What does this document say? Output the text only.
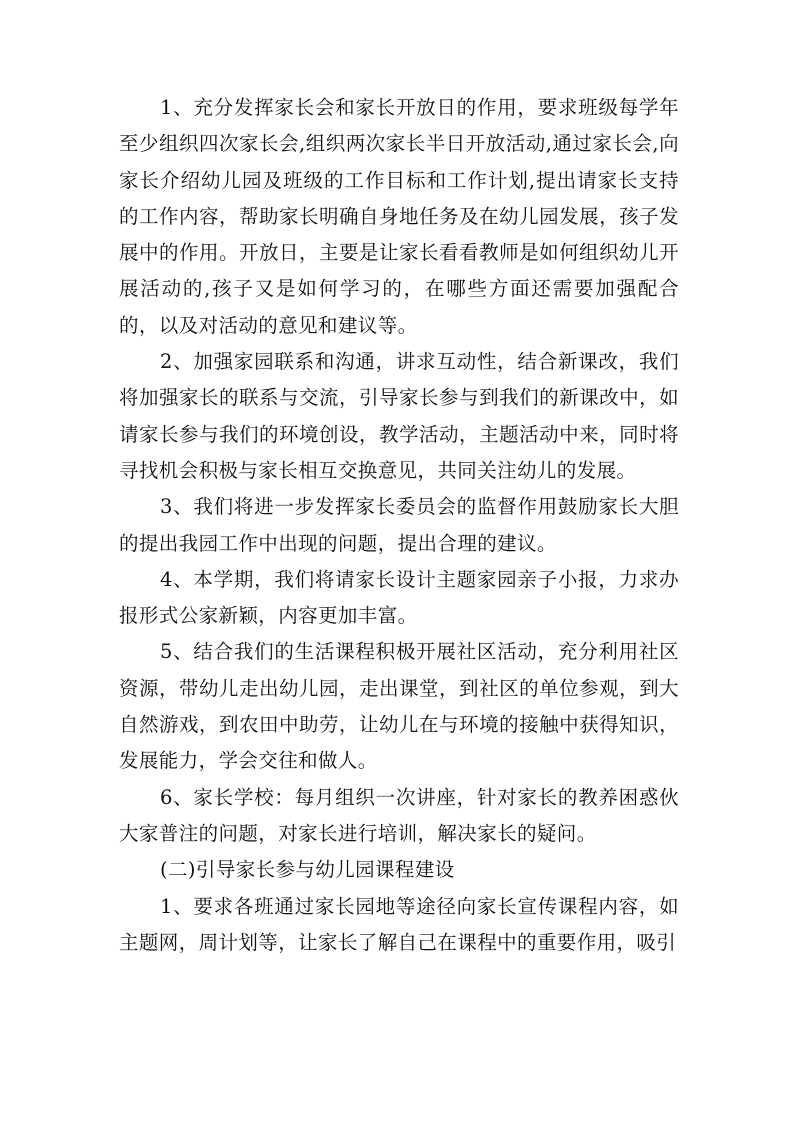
1、充分发挥家长会和家长开放日的作用，要求班级每学年至少组织四次家长会,组织两次家长半日开放活动,通过家长会,向家长介绍幼儿园及班级的工作目标和工作计划,提出请家长支持的工作内容，帮助家长明确自身地任务及在幼儿园发展，孩子发展中的作用。开放日，主要是让家长看看教师是如何组织幼儿开展活动的,孩子又是如何学习的，在哪些方面还需要加强配合的，以及对活动的意见和建议等。

2、加强家园联系和沟通，讲求互动性，结合新课改，我们将加强家长的联系与交流，引导家长参与到我们的新课改中，如请家长参与我们的环境创设，教学活动，主题活动中来，同时将寻找机会积极与家长相互交换意见，共同关注幼儿的发展。

3、我们将进一步发挥家长委员会的监督作用鼓励家长大胆的提出我园工作中出现的问题，提出合理的建议。

4、本学期，我们将请家长设计主题家园亲子小报，力求办报形式公家新颖，内容更加丰富。

5、结合我们的生活课程积极开展社区活动，充分利用社区资源，带幼儿走出幼儿园，走出课堂，到社区的单位参观，到大自然游戏，到农田中助劳，让幼儿在与环境的接触中获得知识，发展能力，学会交往和做人。

6、家长学校：每月组织一次讲座，针对家长的教养困惑伙大家普注的问题，对家长进行培训，解决家长的疑问。

(二)引导家长参与幼儿园课程建设

1、要求各班通过家长园地等途径向家长宣传课程内容，如主题网，周计划等，让家长了解自己在课程中的重要作用，吸引
